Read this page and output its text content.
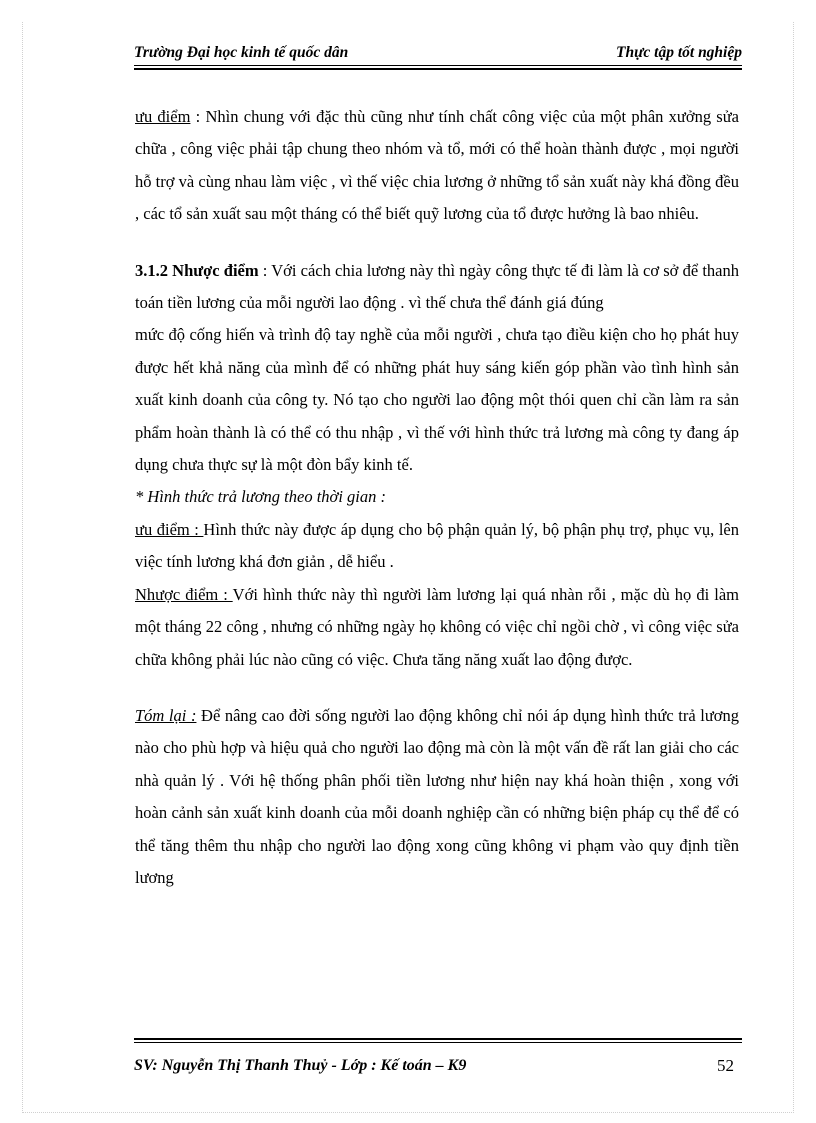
Trường Đại học kinh tế quốc dân	Thực tập tốt nghiệp

ưu điểm : Nhìn chung với đặc thù cũng như tính chất công việc của một phân xưởng sửa chữa , công việc phải tập chung theo nhóm và tổ, mới có thể hoàn thành được , mọi người hỗ trợ và cùng nhau làm việc , vì thế việc chia lương ở những tổ sản xuất này khá đồng đều , các tổ sản xuất sau một tháng có thể biết quỹ lương của tổ được hưởng là bao nhiêu.

3.1.2 Nhược điểm : Với cách chia lương này thì ngày công thực tế đi làm là cơ sở để thanh toán tiền lương của mỗi người lao động . vì thế chưa thể đánh giá đúng

mức độ cống hiến và trình độ tay nghề của mỗi người , chưa tạo điều kiện cho họ phát huy được hết khả năng của mình để có những phát huy sáng kiến góp phần vào tình hình sản xuất kinh doanh của công ty. Nó tạo cho người lao động một thói quen chỉ cần làm ra sản phẩm hoàn thành là có thể có thu nhập , vì thế với hình thức trả lương mà công ty đang áp dụng chưa thực sự là một đòn bẩy kinh tế.

* Hình thức trả lương theo thời gian :

ưu điểm : Hình thức này được áp dụng cho bộ phận quản lý, bộ phận phụ trợ, phục vụ, lên việc tính lương khá đơn giản , dễ hiểu .

Nhược điểm : Với hình thức này thì người làm lương lại quá nhàn rỗi , mặc dù họ đi làm một tháng 22 công , nhưng có những ngày họ không có việc chỉ ngồi chờ , vì công việc sửa chữa không phải lúc nào cũng có việc. Chưa tăng năng xuất lao động được.

Tóm lại : Để nâng cao đời sống người lao động không chỉ nói áp dụng hình thức trả lương nào cho phù hợp và hiệu quả cho người lao động mà còn là một vấn đề rất lan giải cho các nhà quản lý . Với hệ thống phân phối tiền lương như hiện nay khá hoàn thiện , xong với hoàn cảnh sản xuất kinh doanh của mỗi doanh nghiệp cần có những biện pháp cụ thể để có thể tăng thêm thu nhập cho người lao động xong cũng không vi phạm vào quy định tiền lương

SV: Nguyễn Thị Thanh Thuỷ - Lớp : Kế toán – K9	52
